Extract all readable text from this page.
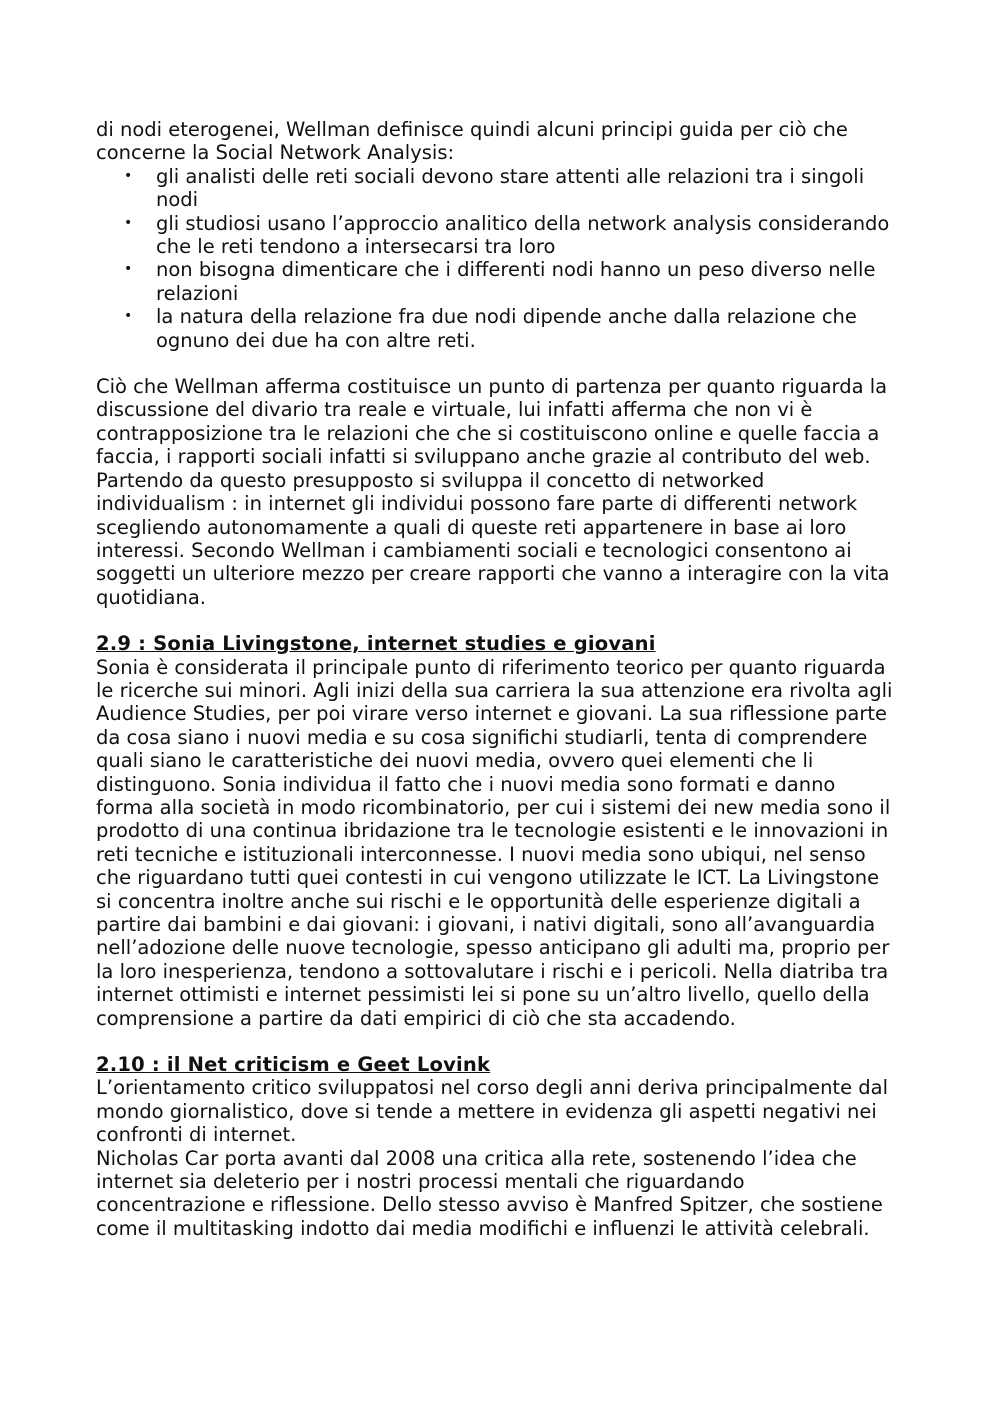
di nodi eterogenei, Wellman definisce quindi alcuni principi guida per ciò che concerne la Social Network Analysis:

• gli analisti delle reti sociali devono stare attenti alle relazioni tra i singoli nodi
• gli studiosi usano l’approccio analitico della network analysis considerando che le reti tendono a intersecarsi tra loro
• non bisogna dimenticare che i differenti nodi hanno un peso diverso nelle relazioni
• la natura della relazione fra due nodi dipende anche dalla relazione che ognuno dei due ha con altre reti.

Ciò che Wellman afferma costituisce un punto di partenza per quanto riguarda la discussione del divario tra reale e virtuale, lui infatti afferma che non vi è contrapposizione tra le relazioni che che si costituiscono online e quelle faccia a faccia, i rapporti sociali infatti si sviluppano anche grazie al contributo del web. Partendo da questo presupposto si sviluppa il concetto di networked individualism : in internet gli individui possono fare parte di differenti network scegliendo autonomamente a quali di queste reti appartenere in base ai loro interessi. Secondo Wellman i cambiamenti sociali e tecnologici consentono ai soggetti un ulteriore mezzo per creare rapporti che vanno a interagire con la vita quotidiana.

2.9 : Sonia Livingstone, internet studies e giovani

Sonia è considerata il principale punto di riferimento teorico per quanto riguarda le ricerche sui minori. Agli inizi della sua carriera la sua attenzione era rivolta agli Audience Studies, per poi virare verso internet e giovani. La sua riflessione parte da cosa siano i nuovi media e su cosa significhi studiarli, tenta di comprendere quali siano le caratteristiche dei nuovi media, ovvero quei elementi che li distinguono. Sonia individua il fatto che i nuovi media sono formati e danno forma alla società in modo ricombinatorio, per cui i sistemi dei new media sono il prodotto di una continua ibridazione tra le tecnologie esistenti e le innovazioni in reti tecniche e istituzionali interconnesse. I nuovi media sono ubiqui, nel senso che riguardano tutti quei contesti in cui vengono utilizzate le ICT. La Livingstone si concentra inoltre anche sui rischi e le opportunità delle esperienze digitali a partire dai bambini e dai giovani: i giovani, i nativi digitali, sono all’avanguardia nell’adozione delle nuove tecnologie, spesso anticipano gli adulti ma, proprio per la loro inesperienza, tendono a sottovalutare i rischi e i pericoli. Nella diatriba tra internet ottimisti e internet pessimisti lei si pone su un’altro livello, quello della comprensione a partire da dati empirici di ciò che sta accadendo.

2.10 : il Net criticism e Geet Lovink

L’orientamento critico sviluppatosi nel corso degli anni deriva principalmente dal mondo giornalistico, dove si tende a mettere in evidenza gli aspetti negativi nei confronti di internet.

Nicholas Car porta avanti dal 2008 una critica alla rete, sostenendo l’idea che internet sia deleterio per i nostri processi mentali che riguardando concentrazione e riflessione. Dello stesso avviso è Manfred Spitzer, che sostiene come il multitasking indotto dai media modifichi e influenzi le attività celebrali.
